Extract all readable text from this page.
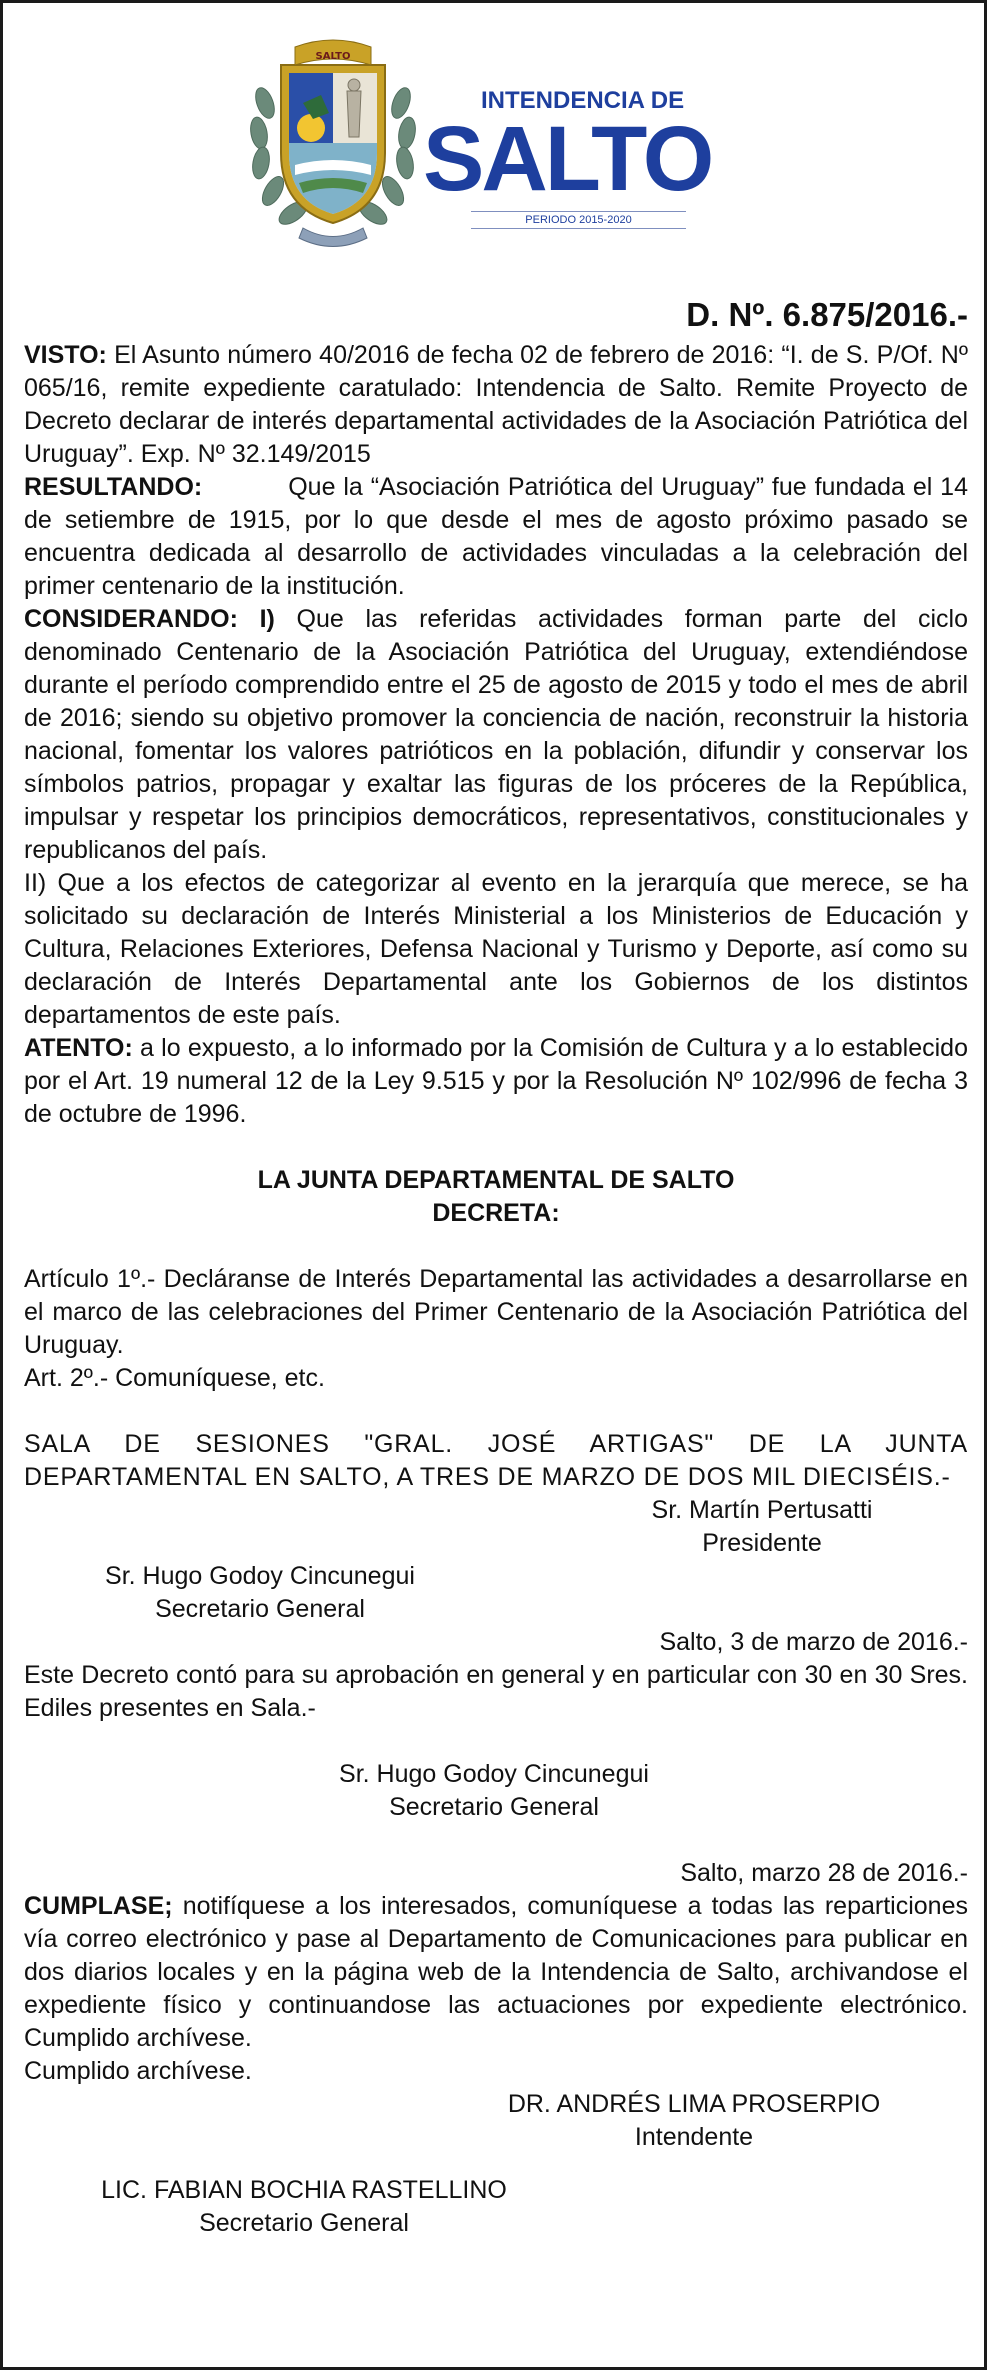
SALTO
INTENDENCIA DE
SALTO
PERIODO 2015-2020

D. Nº. 6.875/2016.-

VISTO: El Asunto número 40/2016 de fecha 02 de febrero de 2016: “I. de S. P/Of. Nº 065/16, remite expediente caratulado: Intendencia de Salto. Remite Proyecto de Decreto declarar de interés departamental actividades de la Asociación Patriótica del Uruguay”. Exp. Nº 32.149/2015

RESULTANDO:	Que la “Asociación Patriótica del Uruguay” fue fundada el 14 de setiembre de 1915, por lo que desde el mes de agosto próximo pasado se encuentra dedicada al desarrollo de actividades vinculadas a la celebración del primer centenario de la institución.

CONSIDERANDO: I) Que las referidas actividades forman parte del ciclo denominado Centenario de la Asociación Patriótica del Uruguay, extendiéndose durante el período comprendido entre el 25 de agosto de 2015 y todo el mes de abril de 2016; siendo su objetivo promover la conciencia de nación, reconstruir la historia nacional, fomentar los valores patrióticos en la población, difundir y conservar los símbolos patrios, propagar y exaltar las figuras de los próceres de la República, impulsar y respetar los principios democráticos, representativos, constitucionales y republicanos del país.

II) Que a los efectos de categorizar al evento en la jerarquía que merece, se ha solicitado su declaración de Interés Ministerial a los Ministerios de Educación y Cultura, Relaciones Exteriores, Defensa Nacional y Turismo y Deporte, así como su declaración de Interés Departamental ante los Gobiernos de los distintos departamentos de este país.

ATENTO: a lo expuesto, a lo informado por la Comisión de Cultura y a lo establecido por el Art. 19 numeral 12 de la Ley 9.515 y por la Resolución Nº 102/996 de fecha 3 de octubre de 1996.

LA JUNTA DEPARTAMENTAL DE SALTO

DECRETA:

Artículo 1º.- Decláranse de Interés Departamental las actividades a desarrollarse en el marco de las celebraciones del Primer Centenario de la Asociación Patriótica del Uruguay.

Art. 2º.- Comuníquese, etc.

SALA DE SESIONES "GRAL. JOSÉ ARTIGAS" DE LA JUNTA DEPARTAMENTAL EN SALTO, A TRES DE MARZO DE DOS MIL DIECISÉIS.-

Sr. Martín Pertusatti

Presidente

Sr. Hugo Godoy Cincunegui

Secretario General

Salto, 3 de marzo de 2016.-

Este Decreto contó para su aprobación en general y en particular con 30 en 30 Sres. Ediles presentes en Sala.-

Sr. Hugo Godoy Cincunegui

Secretario General

Salto, marzo 28 de 2016.-

CUMPLASE; notifíquese a los interesados, comuníquese a todas las reparticiones vía correo electrónico y pase al Departamento de Comunicaciones para publicar en dos diarios locales y en la página web de la Intendencia de Salto, archivandose el expediente físico y continuandose las actuaciones por expediente electrónico. Cumplido archívese.

Cumplido archívese.

DR. ANDRÉS LIMA PROSERPIO

Intendente

LIC. FABIAN BOCHIA RASTELLINO

Secretario General
